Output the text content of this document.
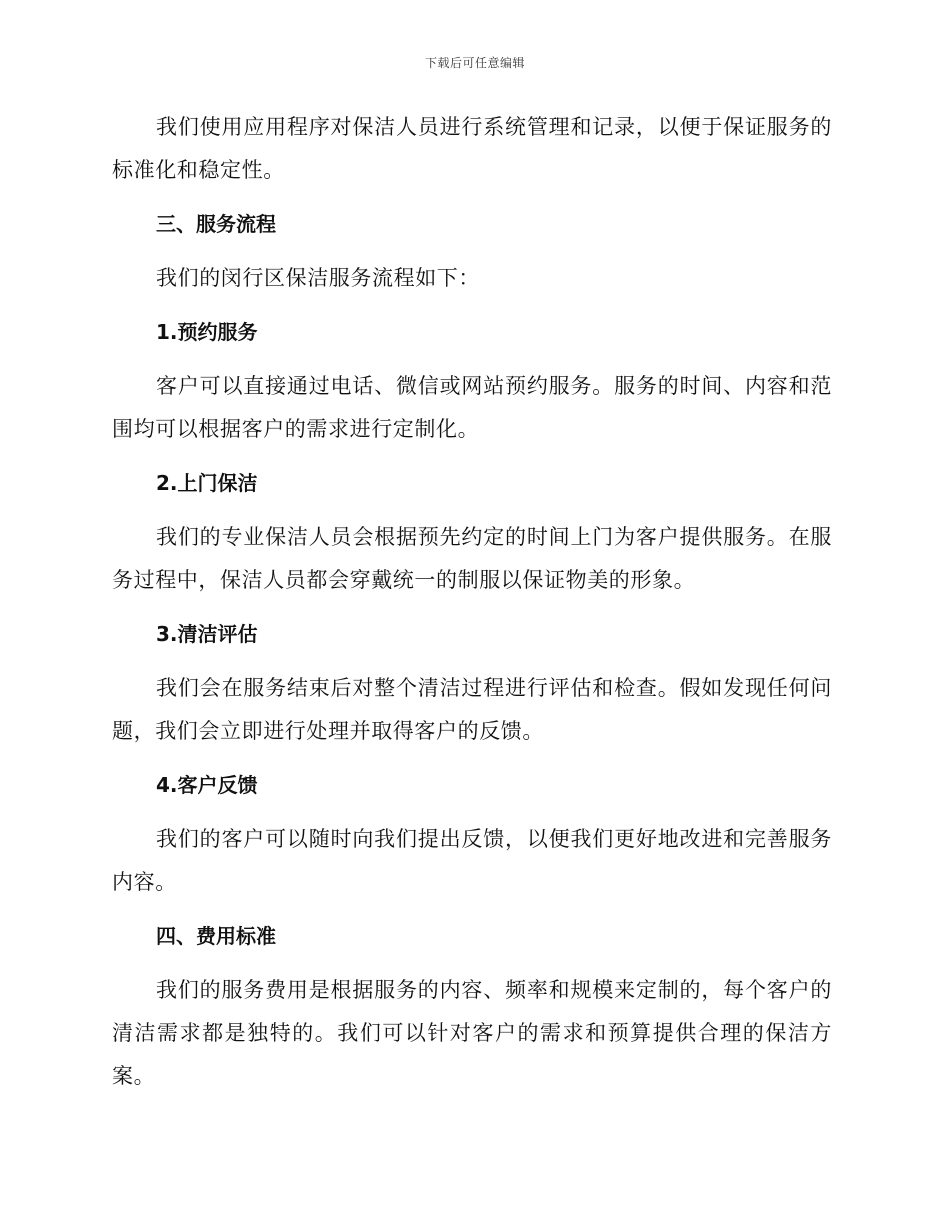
下载后可任意编辑

我们使用应用程序对保洁人员进行系统管理和记录，以便于保证服务的标准化和稳定性。

三、服务流程

我们的闵行区保洁服务流程如下：

1.预约服务

客户可以直接通过电话、微信或网站预约服务。服务的时间、内容和范围均可以根据客户的需求进行定制化。

2.上门保洁

我们的专业保洁人员会根据预先约定的时间上门为客户提供服务。在服务过程中，保洁人员都会穿戴统一的制服以保证物美的形象。

3.清洁评估

我们会在服务结束后对整个清洁过程进行评估和检查。假如发现任何问题，我们会立即进行处理并取得客户的反馈。

4.客户反馈

我们的客户可以随时向我们提出反馈，以便我们更好地改进和完善服务内容。

四、费用标准

我们的服务费用是根据服务的内容、频率和规模来定制的，每个客户的清洁需求都是独特的。我们可以针对客户的需求和预算提供合理的保洁方案。
